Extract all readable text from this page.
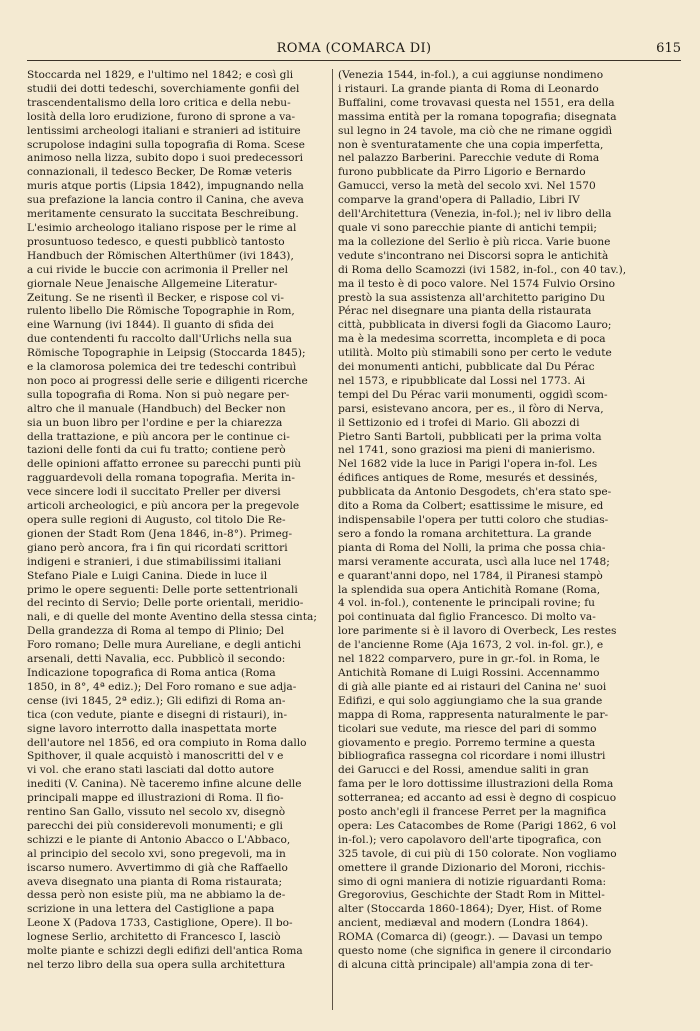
ROMA (COMARCA DI)	615
Stoccarda nel 1829, e l'ultimo nel 1842; e così gli
studii dei dotti tedeschi, soverchiamente gonfii del
trascendentalismo della loro critica e della nebu-
losità della loro erudizione, furono di sprone a va-
lentissimi archeologi italiani e stranieri ad istituire
scrupolose indagini sulla topografia di Roma. Scese
animoso nella lizza, subito dopo i suoi predecessori
connazionali, il tedesco Becker, De Romæ veteris
muris atque portis (Lipsia 1842), impugnando nella
sua prefazione la lancia contro il Canina, che aveva
meritamente censurato la succitata Beschreibung.
L'esimio archeologo italiano rispose per le rime al
prosuntuoso tedesco, e questi pubblicò tantosto
Handbuch der Römischen Alterthümer (ivi 1843),
a cui rivide le buccie con acrimonia il Preller nel
giornale Neue Jenaische Allgemeine Literatur-
Zeitung. Se ne risentì il Becker, e rispose col vi-
rulento libello Die Römische Topographie in Rom,
eine Warnung (ivi 1844). Il guanto di sfida dei
due contendenti fu raccolto dall'Urlichs nella sua
Römische Topographie in Leipsig (Stoccarda 1845);
e la clamorosa polemica dei tre tedeschi contribuì
non poco ai progressi delle serie e diligenti ricerche
sulla topografia di Roma. Non si può negare per-
altro che il manuale (Handbuch) del Becker non
sia un buon libro per l'ordine e per la chiarezza
della trattazione, e più ancora per le continue ci-
tazioni delle fonti da cui fu tratto; contiene però
delle opinioni affatto erronee su parecchi punti più
ragguardevoli della romana topografia. Merita in-
vece sincere lodi il succitato Preller per diversi
articoli archeologici, e più ancora per la pregevole
opera sulle regioni di Augusto, col titolo Die Re-
gionen der Stadt Rom (Jena 1846, in-8°). Primeg-
giano però ancora, fra i fin qui ricordati scrittori
indigeni e stranieri, i due stimabilissimi italiani
Stefano Piale e Luigi Canina. Diede in luce il
primo le opere seguenti: Delle porte settentrionali
del recinto di Servio; Delle porte orientali, meridio-
nali, e di quelle del monte Aventino della stessa cinta;
Della grandezza di Roma al tempo di Plinio; Del
Foro romano; Delle mura Aureliane, e degli antichi
arsenali, detti Navalia, ecc. Pubblicò il secondo:
Indicazione topografica di Roma antica (Roma
1850, in 8°, 4ª ediz.); Del Foro romano e sue adja-
cense (ivi 1845, 2ª ediz.); Gli edifizi di Roma an-
tica (con vedute, piante e disegni di ristauri), in-
signe lavoro interrotto dalla inaspettata morte
dell'autore nel 1856, ed ora compiuto in Roma dallo
Spithover, il quale acquistò i manoscritti del v e
vi vol. che erano stati lasciati dal dotto autore
inediti (V. Canina). Nè taceremo infine alcune delle
principali mappe ed illustrazioni di Roma. Il fio-
rentino San Gallo, vissuto nel secolo xv, disegnò
parecchi dei più considerevoli monumenti; e gli
schizzi e le piante di Antonio Abacco o L'Abbaco,
al principio del secolo xvi, sono pregevoli, ma in
iscarso numero. Avvertimmo di già che Raffaello
aveva disegnato una pianta di Roma ristaurata;
dessa però non esiste più, ma ne abbiamo la de-
scrizione in una lettera del Castiglione a papa
Leone X (Padova 1733, Castiglione, Opere). Il bo-
lognese Serlio, architetto di Francesco I, lasciò
molte piante e schizzi degli edifizi dell'antica Roma
nel terzo libro della sua opera sulla architettura
(Venezia 1544, in-fol.), a cui aggiunse nondimeno
i ristauri. La grande pianta di Roma di Leonardo
Buffalini, come trovavasi questa nel 1551, era della
massima entità per la romana topografia; disegnata
sul legno in 24 tavole, ma ciò che ne rimane oggidì
non è sventuratamente che una copia imperfetta,
nel palazzo Barberini. Parecchie vedute di Roma
furono pubblicate da Pirro Ligorio e Bernardo
Gamucci, verso la metà del secolo xvi. Nel 1570
comparve la grand'opera di Palladio, Libri IV
dell'Architettura (Venezia, in-fol.); nel iv libro della
quale vi sono parecchie piante di antichi tempii;
ma la collezione del Serlio è più ricca. Varie buone
vedute s'incontrano nei Discorsi sopra le antichità
di Roma dello Scamozzi (ivi 1582, in-fol., con 40 tav.),
ma il testo è di poco valore. Nel 1574 Fulvio Orsino
prestò la sua assistenza all'architetto parigino Du
Pérac nel disegnare una pianta della ristaurata
città, pubblicata in diversi fogli da Giacomo Lauro;
ma è la medesima scorretta, incompleta e di poca
utilità. Molto più stimabili sono per certo le vedute
dei monumenti antichi, pubblicate dal Du Pérac
nel 1573, e ripubblicate dal Lossi nel 1773. Ai
tempi del Du Pérac varii monumenti, oggidì scom-
parsi, esistevano ancora, per es., il fòro di Nerva,
il Settizonio ed i trofei di Mario. Gli abozzi di
Pietro Santi Bartoli, pubblicati per la prima volta
nel 1741, sono graziosi ma pieni di manierismo.
Nel 1682 vide la luce in Parigi l'opera in-fol. Les
édifices antiques de Rome, mesurés et dessinés,
pubblicata da Antonio Desgodets, ch'era stato spe-
dito a Roma da Colbert; esattissime le misure, ed
indispensabile l'opera per tutti coloro che studias-
sero a fondo la romana architettura. La grande
pianta di Roma del Nolli, la prima che possa chia-
marsi veramente accurata, uscì alla luce nel 1748;
e quarant'anni dopo, nel 1784, il Piranesi stampò
la splendida sua opera Antichità Romane (Roma,
4 vol. in-fol.), contenente le principali rovine; fu
poi continuata dal figlio Francesco. Di molto va-
lore parimente si è il lavoro di Overbeck, Les restes
de l'ancienne Rome (Aja 1673, 2 vol. in-fol. gr.), e
nel 1822 comparvero, pure in gr.-fol. in Roma, le
Antichità Romane di Luigi Rossini. Accennammo
di già alle piante ed ai ristauri del Canina ne' suoi
Edifizi, e qui solo aggiungiamo che la sua grande
mappa di Roma, rappresenta naturalmente le par-
ticolari sue vedute, ma riesce del pari di sommo
giovamento e pregio. Porremo termine a questa
bibliografica rassegna col ricordare i nomi illustri
dei Garucci e del Rossi, amendue saliti in gran
fama per le loro dottissime illustrazioni della Roma
sotterranea; ed accanto ad essi è degno di cospicuo
posto anch'egli il francese Perret per la magnifica
opera: Les Catacombes de Rome (Parigi 1862, 6 vol
in-fol.); vero capolavoro dell'arte tipografica, con
325 tavole, di cui più di 150 colorate. Non vogliamo
omettere il grande Dizionario del Moroni, ricchis-
simo di ogni maniera di notizie riguardanti Roma:
Gregorovius, Geschichte der Stadt Rom in Mittel-
alter (Stoccarda 1860-1864); Dyer, Hist. of Rome
ancient, mediæval and modern (Londra 1864).
ROMA (Comarca di) (geogr.). — Davasi un tempo
questo nome (che significa in genere il circondario
di alcuna città principale) all'ampia zona di ter-
